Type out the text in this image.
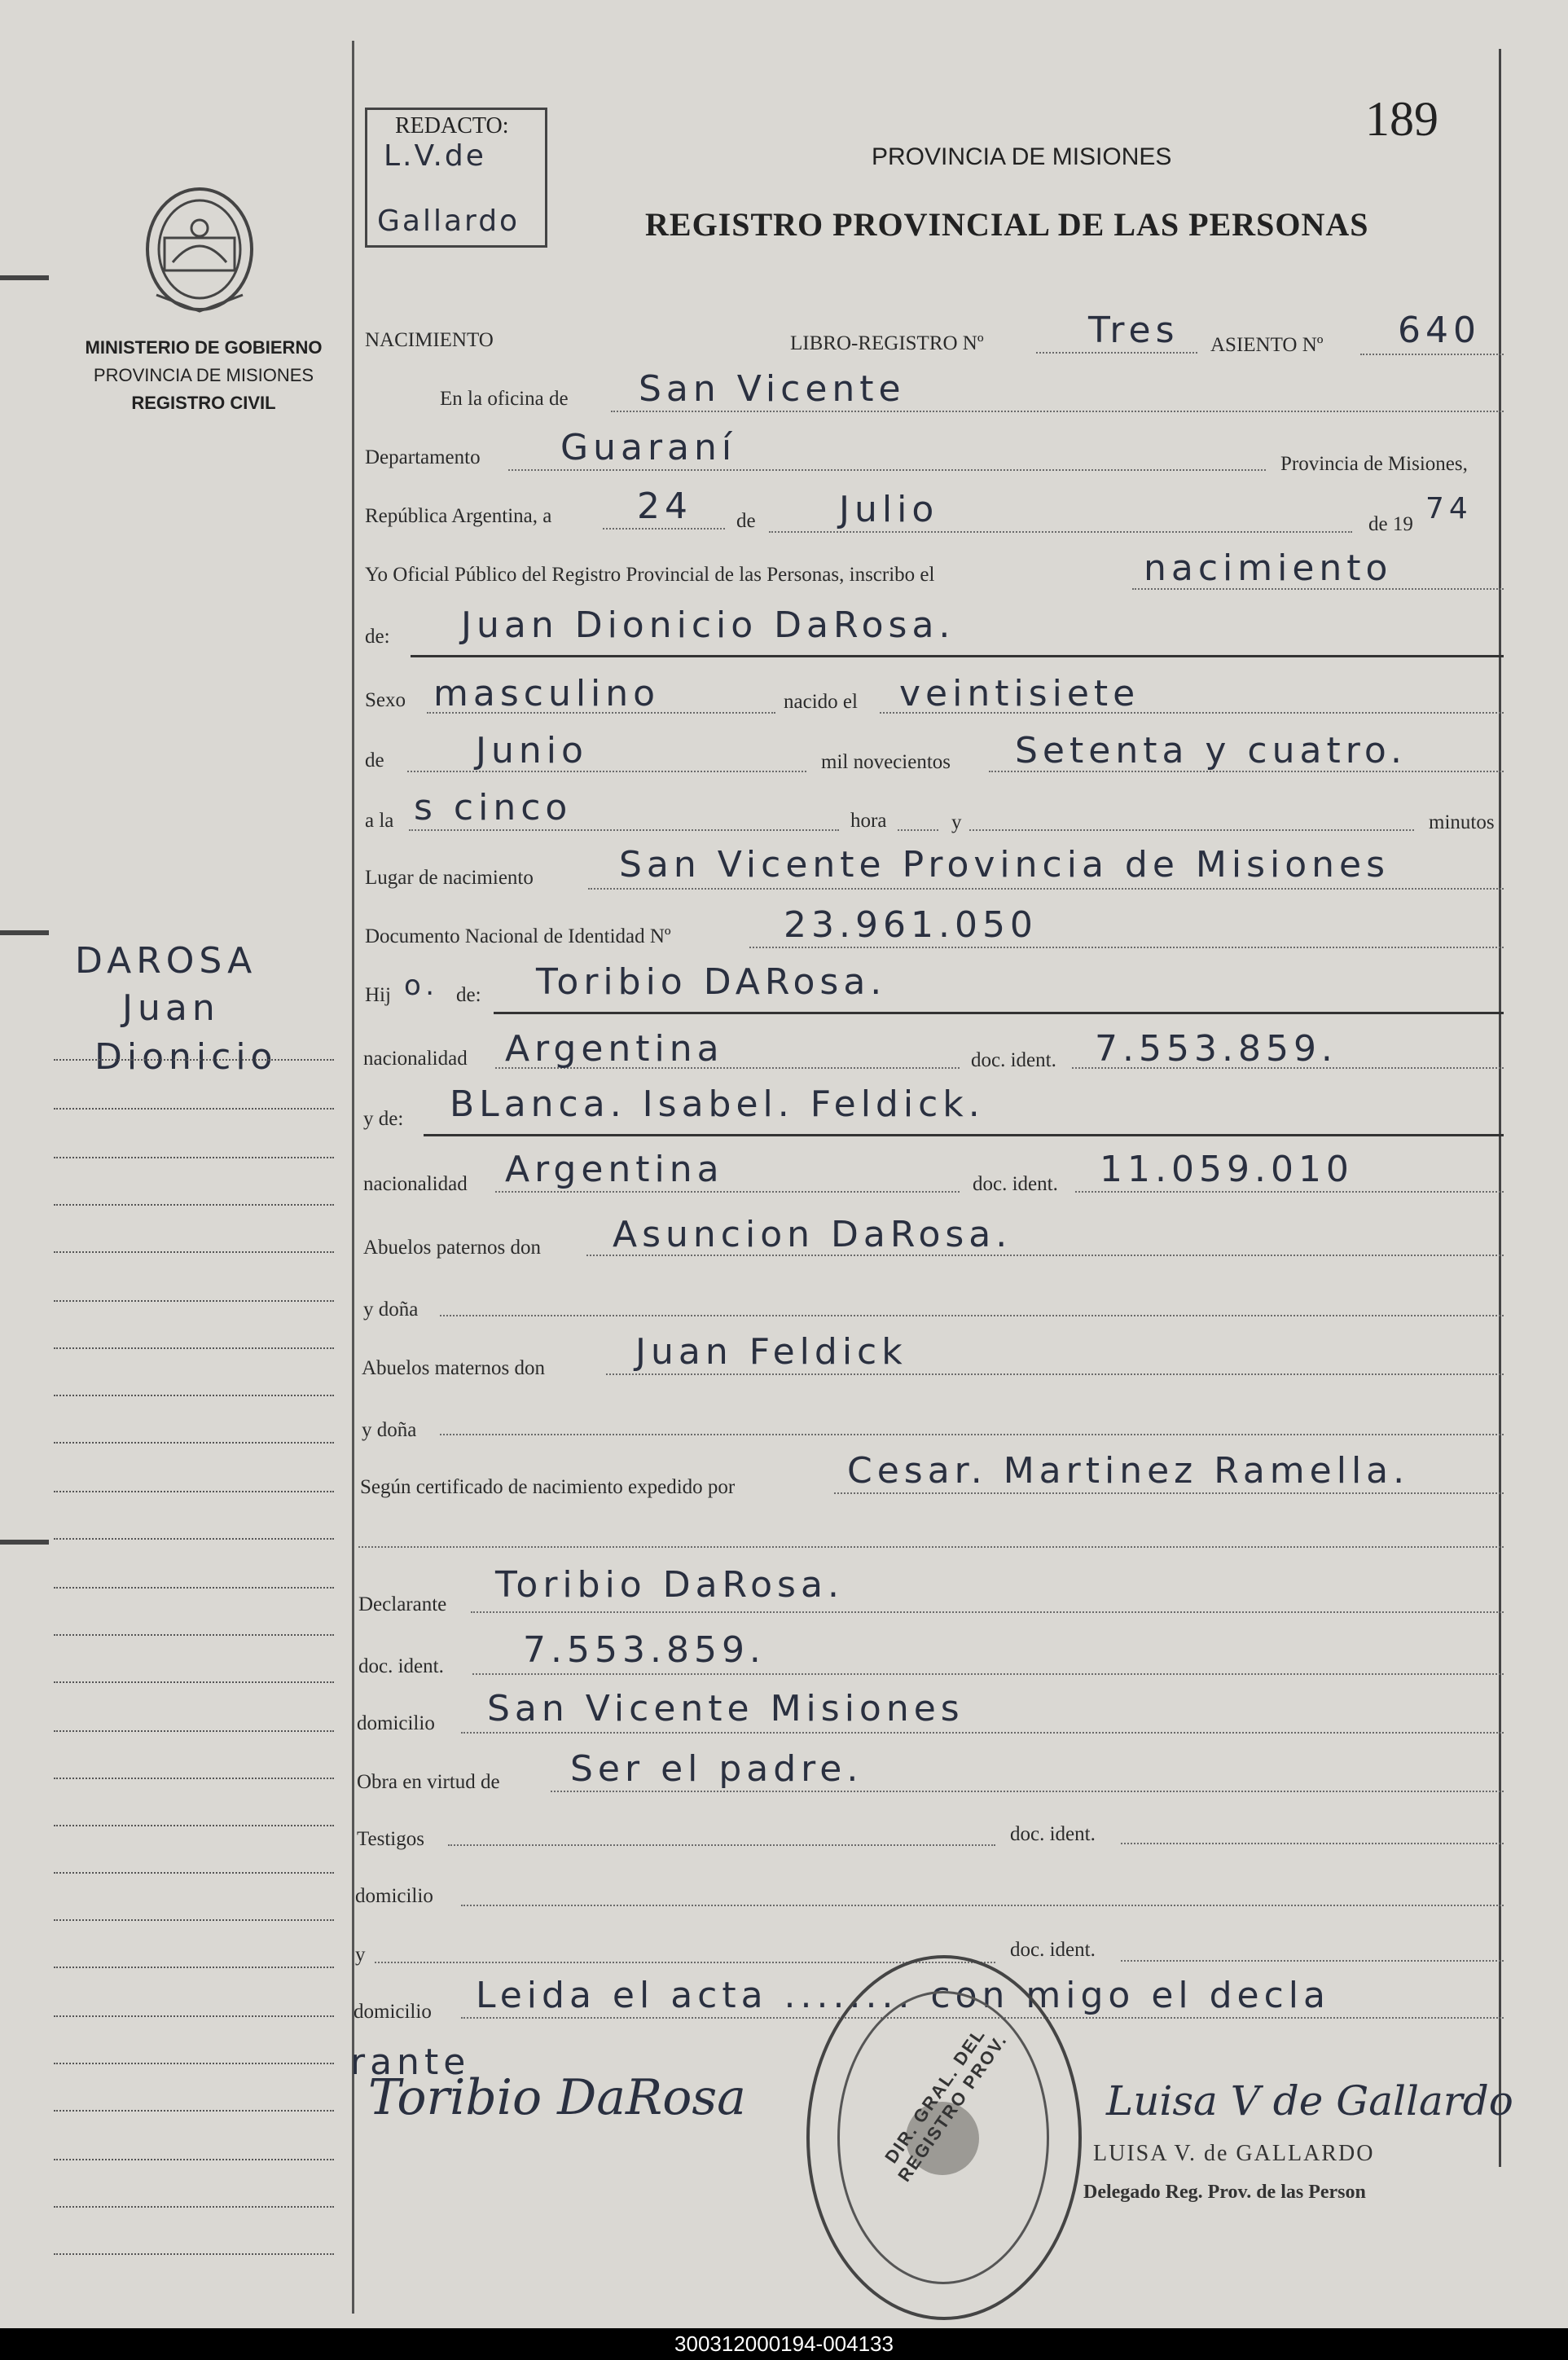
MINISTERIO DE GOBIERNO
PROVINCIA DE MISIONES
REGISTRO CIVIL
REDACTO:
L.V.de
Gallardo
189
PROVINCIA DE MISIONES
REGISTRO PROVINCIAL DE LAS PERSONAS
DAROSA
Juan
Dionicio
NACIMIENTO	LIBRO-REGISTRO Nº	Tres ASIENTO Nº 640
En la oficina de San Vicente
Departamento Guaraní	Provincia de Misiones,
República Argentina, a 24 de Julio	de 19 74
Yo Oficial Público del Registro Provincial de las Personas, inscribo el	nacimiento
de: Juan Dionicio DaRosa.
Sexo masculino	nacido el veintisiete
de	Junio	mil novecientos Setenta y cuatro.
a la s cinco	hora	y	minutos
Lugar de nacimiento San Vicente Provincia de Misiones
Documento Nacional de Identidad Nº	23.961.050
Hij o. de: Toribio DARosa.
nacionalidad Argentina	doc. ident. 7.553.859.
y de: BLanca. Isabel. Feldick.
nacionalidad Argentina	doc. ident. 11.059.010
Abuelos paternos don Asuncion DaRosa.
y doña
Abuelos maternos don	Juan Feldick
y doña
Según certificado de nacimiento expedido por	Cesar. Martinez Ramella.
Declarante Toribio DaRosa.
doc. ident. 7.553.859.
domicilio San Vicente Misiones
Obra en virtud de Ser el padre.
Testigos	doc. ident.
domicilio
y	doc. ident.
domicilio Leida el acta ........ con migo el decla
rante	DIR. GRAL. DEL REGISTRO PROV.
Toribio DaRosa	Luisa V de Gallardo
LUISA V. de GALLARDO
Delegado Reg. Prov. de las Person
300312000194-004133
